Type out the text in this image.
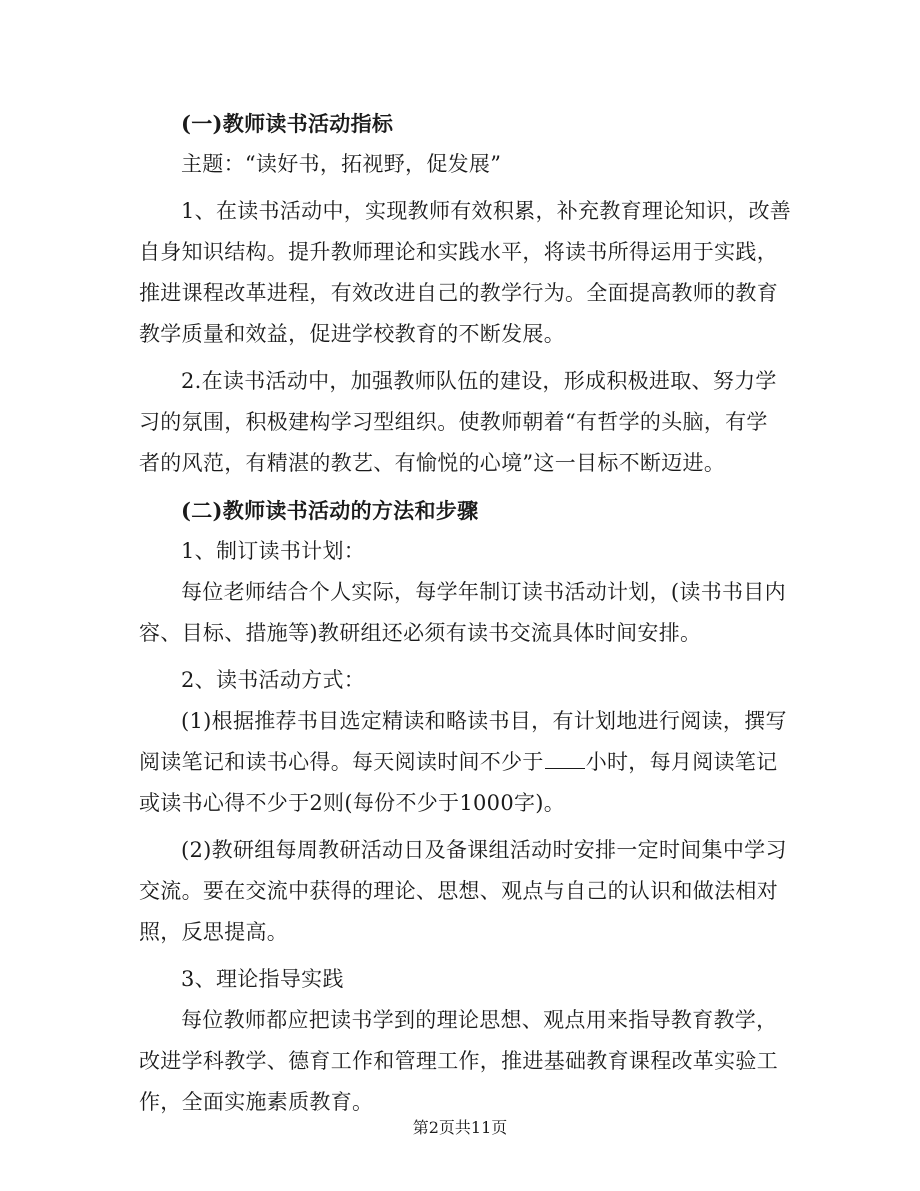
(一)教师读书活动指标

主题：“读好书，拓视野，促发展”

1、在读书活动中，实现教师有效积累，补充教育理论知识，改善

自身知识结构。提升教师理论和实践水平，将读书所得运用于实践，

推进课程改革进程，有效改进自己的教学行为。全面提高教师的教育

教学质量和效益，促进学校教育的不断发展。

2.在读书活动中，加强教师队伍的建设，形成积极进取、努力学

习的氛围，积极建构学习型组织。使教师朝着“有哲学的头脑，有学

者的风范，有精湛的教艺、有愉悦的心境”这一目标不断迈进。

(二)教师读书活动的方法和步骤

1、制订读书计划：

每位老师结合个人实际，每学年制订读书活动计划，(读书书目内

容、目标、措施等)教研组还必须有读书交流具体时间安排。

2、读书活动方式：

(1)根据推荐书目选定精读和略读书目，有计划地进行阅读，撰写

阅读笔记和读书心得。每天阅读时间不少于 小时，每月阅读笔记

或读书心得不少于2则(每份不少于1000字)。

(2)教研组每周教研活动日及备课组活动时安排一定时间集中学习

交流。要在交流中获得的理论、思想、观点与自己的认识和做法相对

照，反思提高。

3、理论指导实践

每位教师都应把读书学到的理论思想、观点用来指导教育教学，

改进学科教学、德育工作和管理工作，推进基础教育课程改革实验工

作，全面实施素质教育。

第2页共11页
